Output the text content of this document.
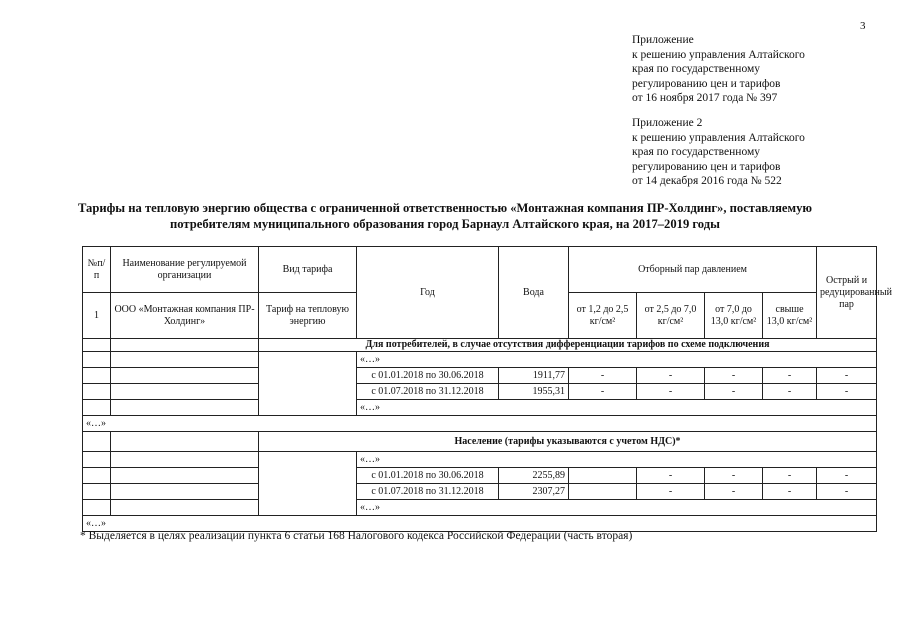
3
Приложение
к решению управления Алтайского
края по государственному
регулированию цен и тарифов
от 16 ноября 2017 года № 397
Приложение 2
к решению управления Алтайского
края по государственному
регулированию цен и тарифов
от 14 декабря 2016 года № 522
Тарифы на тепловую энергию общества с ограниченной ответственностью «Монтажная компания ПР-Холдинг», поставляемую
потребителям муниципального образования город Барнаул Алтайского края, на 2017–2019 годы
№п/п	Наименование регулируемой организации	Вид тарифа	Год	Вода	Отборный пар давлением				Острый и редуцированный пар
1	ООО «Монтажная компания ПР-Холдинг»	Тариф на тепловую энергию			от 1,2 до 2,5 кг/см²	от 2,5 до 7,0 кг/см²	от 7,0 до 13,0 кг/см²	свыше 13,0 кг/см²	
		Для потребителей, в случае отсутствия дифференциации тарифов по схеме подключения							
			«…»						
			с 01.01.2018 по 30.06.2018	1911,77	-	-	-	-	-
			с 01.07.2018 по 31.12.2018	1955,31	-	-	-	-	-
			«…»						
«…»									
		Население (тарифы указываются с учетом НДС)*							
			«…»						
			с 01.01.2018 по 30.06.2018	2255,89		-	-	-	-
			с 01.07.2018 по 31.12.2018	2307,27		-	-	-	-
			«…»						
«…»									
* Выделяется в целях реализации пункта 6 статьи 168 Налогового кодекса Российской Федерации (часть вторая)
